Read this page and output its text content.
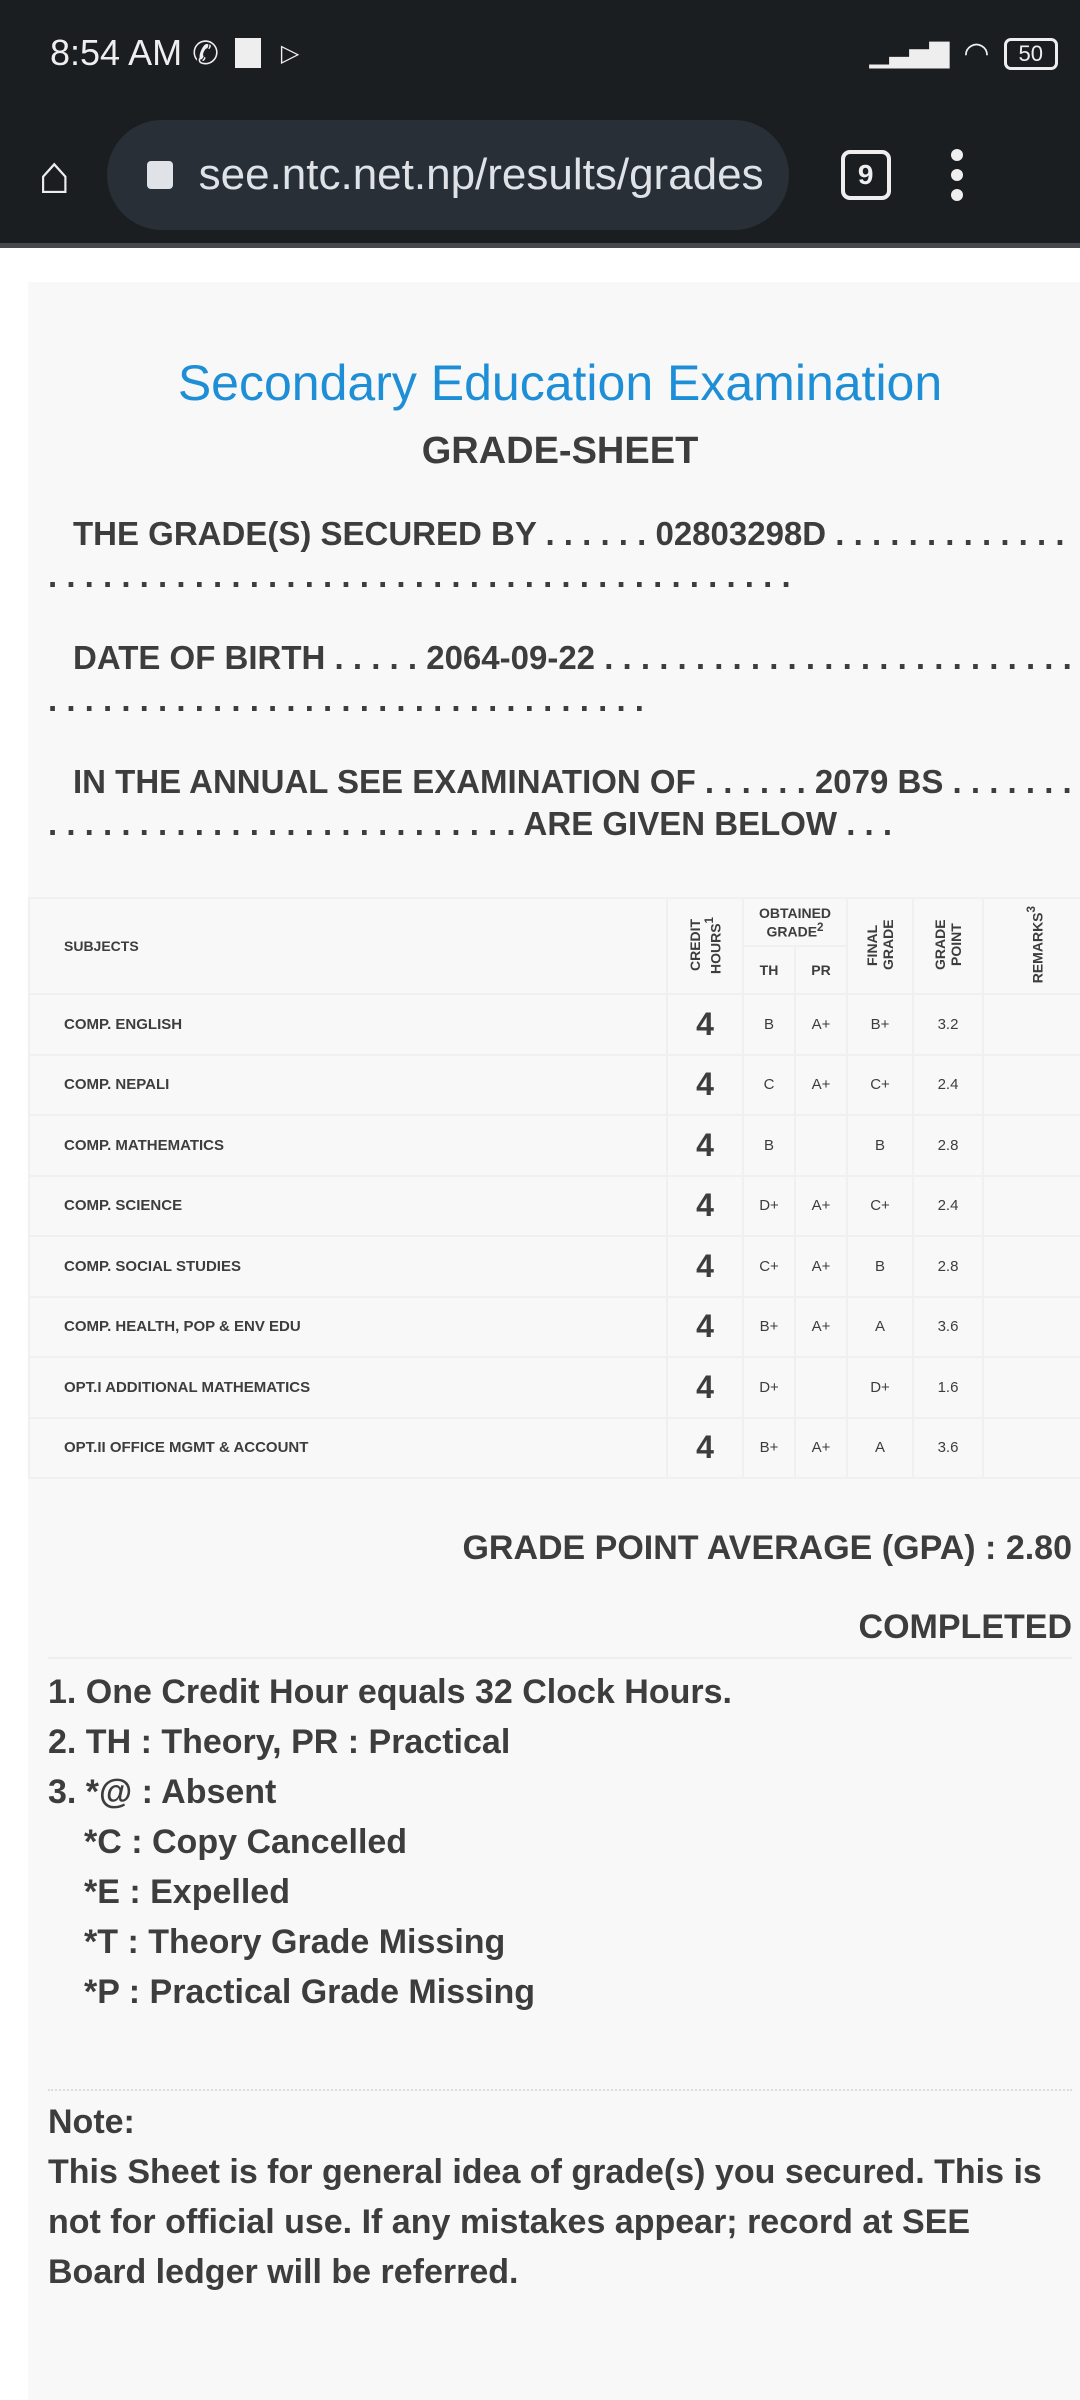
8:54 AM ✆	▷	▁▃▅▇ ◠	50
⌂	see.ntc.net.np/results/grades	9
Secondary Education Examination
GRADE-SHEET
THE GRADE(S) SECURED BY . . . . . . 02803298D . . . . . . . . . . . . . . . . . . . . . . . . . . . . . . . . . . . . . . . . . . . . . . . . . . . . . .
DATE OF BIRTH . . . . . 2064-09-22 . . . . . . . . . . . . . . . . . . . . . . . . . . . . . . . . . . . . . . . . . . . . . . . . . . . . . . . . . . .
IN THE ANNUAL SEE EXAMINATION OF . . . . . . 2079 BS . . . . . . . . . . . . . . . . . . . . . . . . . . . . . . . . . ARE GIVEN BELOW . . .
SUBJECTS	CREDIT HOURS$^1$	OBTAINED GRADE$^2$		FINAL GRADE	GRADE POINT	REMARKS$^3$
		TH	PR			
COMP. ENGLISH	4	B	A+	B+	3.2	
COMP. NEPALI	4	C	A+	C+	2.4	
COMP. MATHEMATICS	4	B		B	2.8	
COMP. SCIENCE	4	D+	A+	C+	2.4	
COMP. SOCIAL STUDIES	4	C+	A+	B	2.8	
COMP. HEALTH, POP & ENV EDU	4	B+	A+	A	3.6	
OPT.I ADDITIONAL MATHEMATICS	4	D+		D+	1.6	
OPT.II OFFICE MGMT & ACCOUNT	4	B+	A+	A	3.6	
GRADE POINT AVERAGE (GPA) : 2.80
COMPLETED
1. One Credit Hour equals 32 Clock Hours.
2. TH : Theory, PR : Practical
3. *@ : Absent
*C : Copy Cancelled
*E : Expelled
*T : Theory Grade Missing
*P : Practical Grade Missing
Note:
This Sheet is for general idea of grade(s) you secured. This is not for official use. If any mistakes appear; record at SEE Board ledger will be referred.
